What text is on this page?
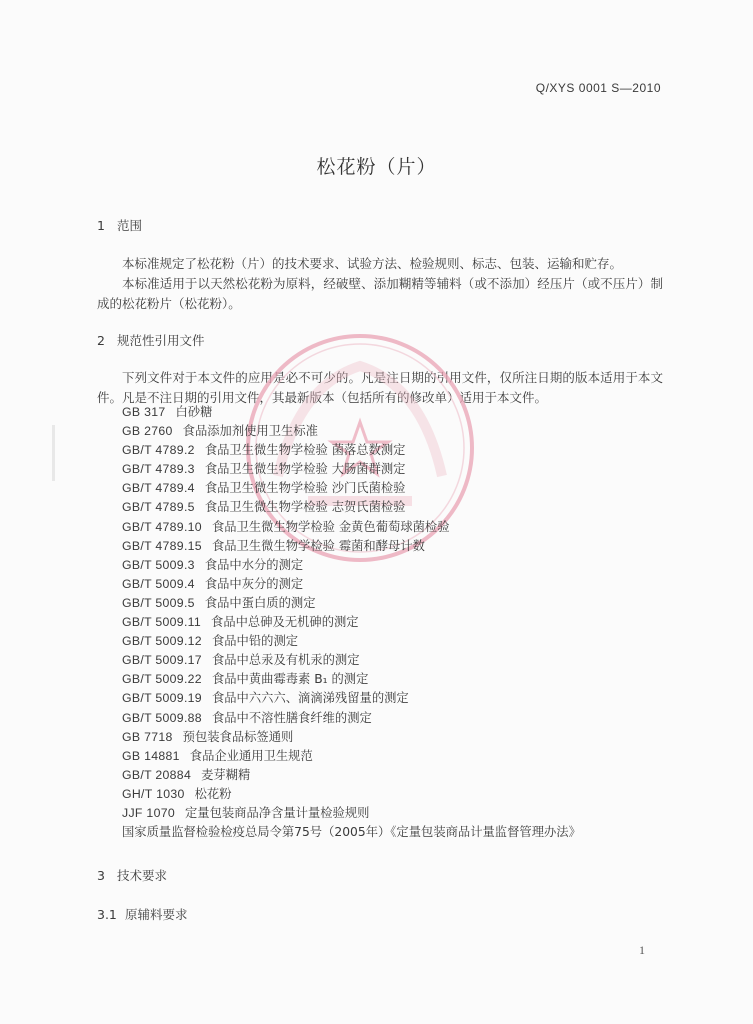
Q/XYS 0001 S—2010
松花粉（片）
1 范围
本标准规定了松花粉（片）的技术要求、试验方法、检验规则、标志、包装、运输和贮存。
本标准适用于以天然松花粉为原料，经破壁、添加糊精等辅料（或不添加）经压片（或不压片）制成的松花粉片（松花粉）。
2 规范性引用文件
下列文件对于本文件的应用是必不可少的。凡是注日期的引用文件，仅所注日期的版本适用于本文件。凡是不注日期的引用文件，其最新版本（包括所有的修改单）适用于本文件。
GB 317 白砂糖
GB 2760 食品添加剂使用卫生标准
GB/T 4789.2 食品卫生微生物学检验 菌落总数测定
GB/T 4789.3 食品卫生微生物学检验 大肠菌群测定
GB/T 4789.4 食品卫生微生物学检验 沙门氏菌检验
GB/T 4789.5 食品卫生微生物学检验 志贺氏菌检验
GB/T 4789.10 食品卫生微生物学检验 金黄色葡萄球菌检验
GB/T 4789.15 食品卫生微生物学检验 霉菌和酵母计数
GB/T 5009.3 食品中水分的测定
GB/T 5009.4 食品中灰分的测定
GB/T 5009.5 食品中蛋白质的测定
GB/T 5009.11 食品中总砷及无机砷的测定
GB/T 5009.12 食品中铅的测定
GB/T 5009.17 食品中总汞及有机汞的测定
GB/T 5009.22 食品中黄曲霉毒素 B₁ 的测定
GB/T 5009.19 食品中六六六、滴滴涕残留量的测定
GB/T 5009.88 食品中不溶性膳食纤维的测定
GB 7718 预包装食品标签通则
GB 14881 食品企业通用卫生规范
GB/T 20884 麦芽糊精
GH/T 1030 松花粉
JJF 1070 定量包装商品净含量计量检验规则
国家质量监督检验检疫总局令第75号（2005年）《定量包装商品计量监督管理办法》
3 技术要求
3.1 原辅料要求
1
